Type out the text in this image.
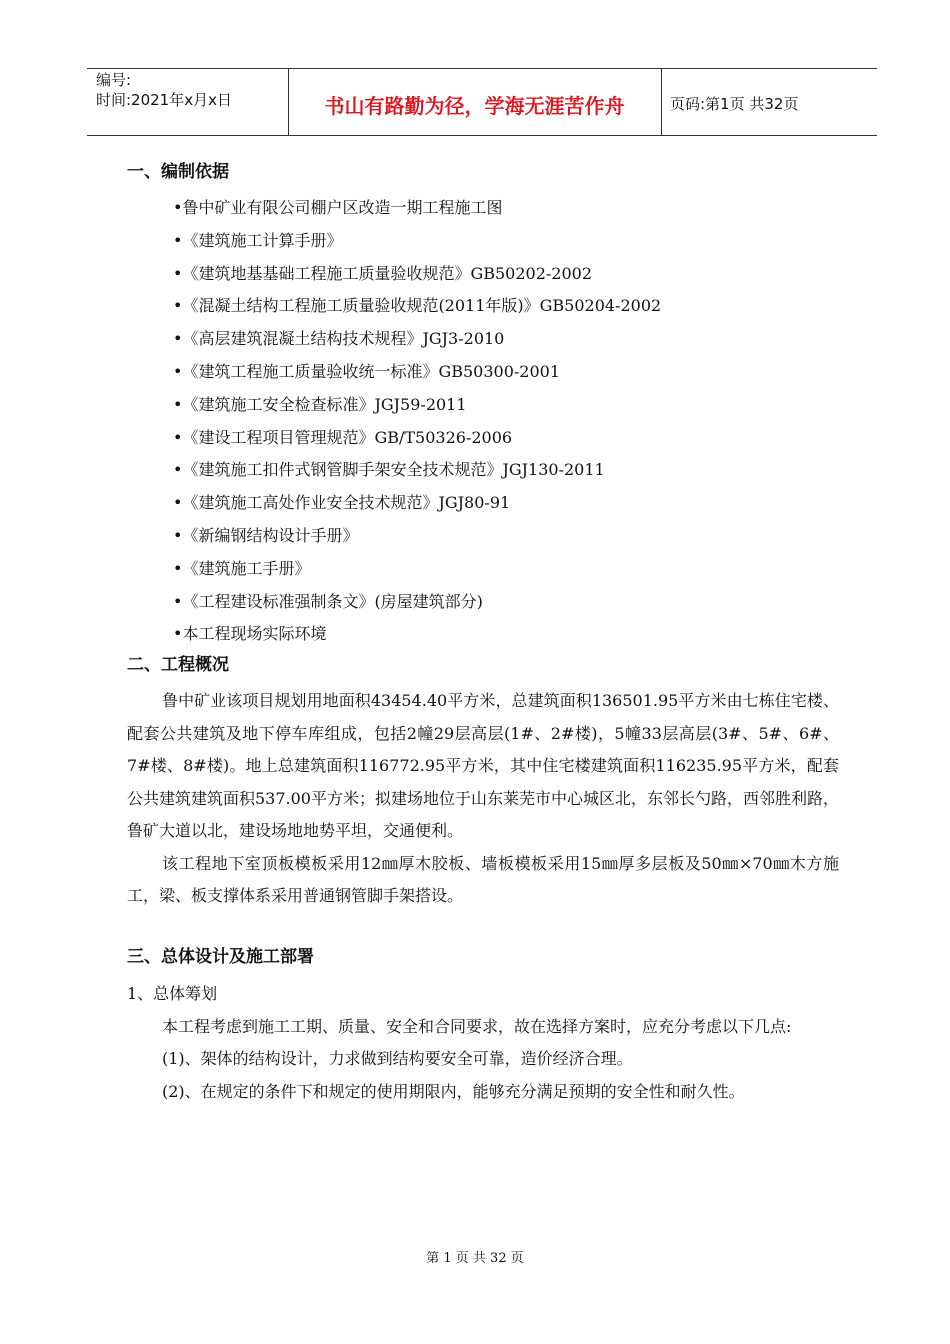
编号:
时间:2021年x月x日	书山有路勤为径，学海无涯苦作舟	页码:第1页 共32页
一、编制依据
•鲁中矿业有限公司棚户区改造一期工程施工图
•《建筑施工计算手册》
•《建筑地基基础工程施工质量验收规范》GB50202-2002
•《混凝土结构工程施工质量验收规范(2011年版)》GB50204-2002
•《高层建筑混凝土结构技术规程》JGJ3-2010
•《建筑工程施工质量验收统一标准》GB50300-2001
•《建筑施工安全检查标准》JGJ59-2011
•《建设工程项目管理规范》GB/T50326-2006
•《建筑施工扣件式钢管脚手架安全技术规范》JGJ130-2011
•《建筑施工高处作业安全技术规范》JGJ80-91
•《新编钢结构设计手册》
•《建筑施工手册》
•《工程建设标准强制条文》(房屋建筑部分)
•本工程现场实际环境
二、工程概况
鲁中矿业该项目规划用地面积43454.40平方米，总建筑面积136501.95平方米由七栋住宅楼、配套公共建筑及地下停车库组成，包括2幢29层高层(1#、2#楼)，5幢33层高层(3#、5#、6#、7#楼、8#楼)。地上总建筑面积116772.95平方米，其中住宅楼建筑面积116235.95平方米，配套公共建筑建筑面积537.00平方米；拟建场地位于山东莱芜市中心城区北，东邻长勺路，西邻胜利路，鲁矿大道以北，建设场地地势平坦，交通便利。
该工程地下室顶板模板采用12㎜厚木胶板、墙板模板采用15㎜厚多层板及50㎜×70㎜木方施工，梁、板支撑体系采用普通钢管脚手架搭设。
三、总体设计及施工部署
1、总体筹划
本工程考虑到施工工期、质量、安全和合同要求，故在选择方案时，应充分考虑以下几点:
(1)、架体的结构设计，力求做到结构要安全可靠，造价经济合理。
(2)、在规定的条件下和规定的使用期限内，能够充分满足预期的安全性和耐久性。
第 1 页 共 32 页
